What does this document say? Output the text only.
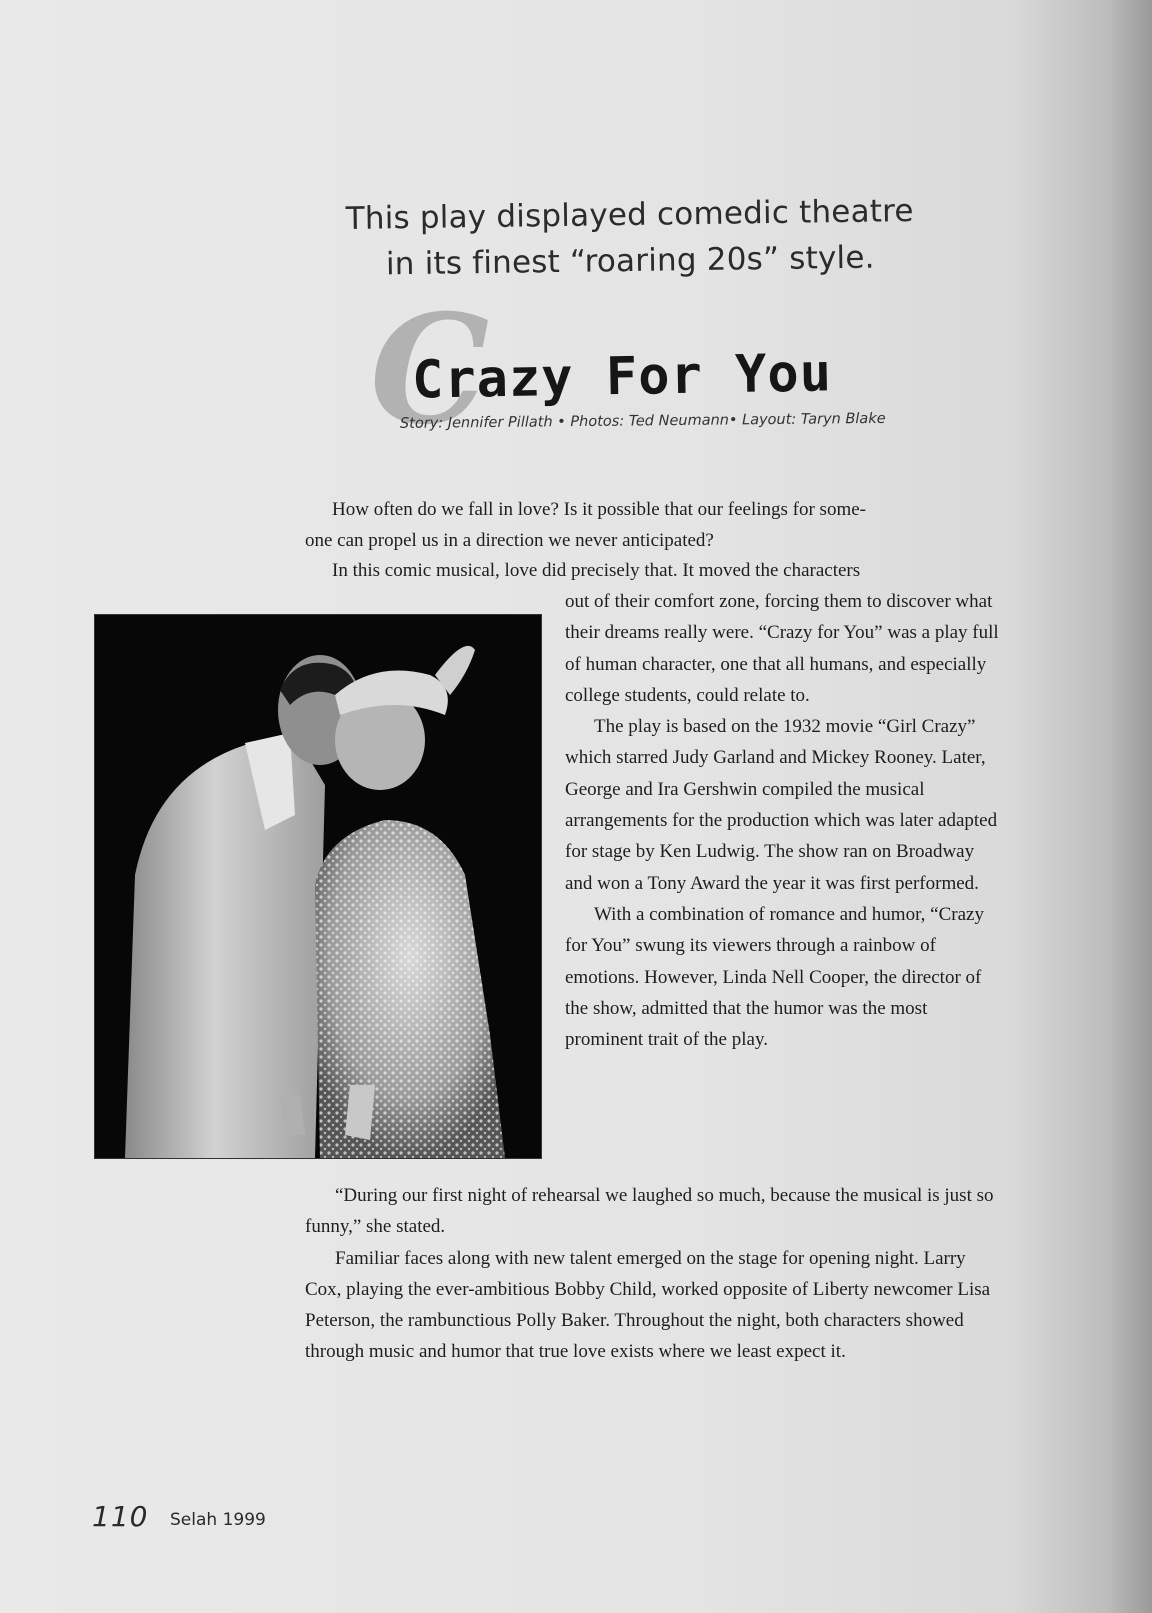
This play displayed comedic theatre
in its finest “roaring 20s” style.
C
Crazy For You
Story: Jennifer Pillath • Photos: Ted Neumann• Layout: Taryn Blake
How often do we fall in love? Is it possible that our feelings for some-
one can propel us in a direction we never anticipated?
In this comic musical, love did precisely that. It moved the characters

out of their comfort zone, forcing them to discover what their dreams really were. “Crazy for You” was a play full of human character, one that all humans, and especially college students, could relate to.

The play is based on the 1932 movie “Girl Crazy” which starred Judy Garland and Mickey Rooney. Later, George and Ira Gershwin compiled the musical arrangements for the production which was later adapted for stage by Ken Ludwig. The show ran on Broadway and won a Tony Award the year it was first performed.

With a combination of romance and humor, “Crazy for You” swung its viewers through a rainbow of emotions. However, Linda Nell Cooper, the director of the show, admitted that the humor was the most prominent trait of the play.

“During our first night of rehearsal we laughed so much, because the musical is just so funny,” she stated.

Familiar faces along with new talent emerged on the stage for opening night. Larry Cox, playing the ever-ambitious Bobby Child, worked opposite of Liberty newcomer Lisa Peterson, the rambunctious Polly Baker. Throughout the night, both characters showed through music and humor that true love exists where we least expect it.

110 Selah 1999
